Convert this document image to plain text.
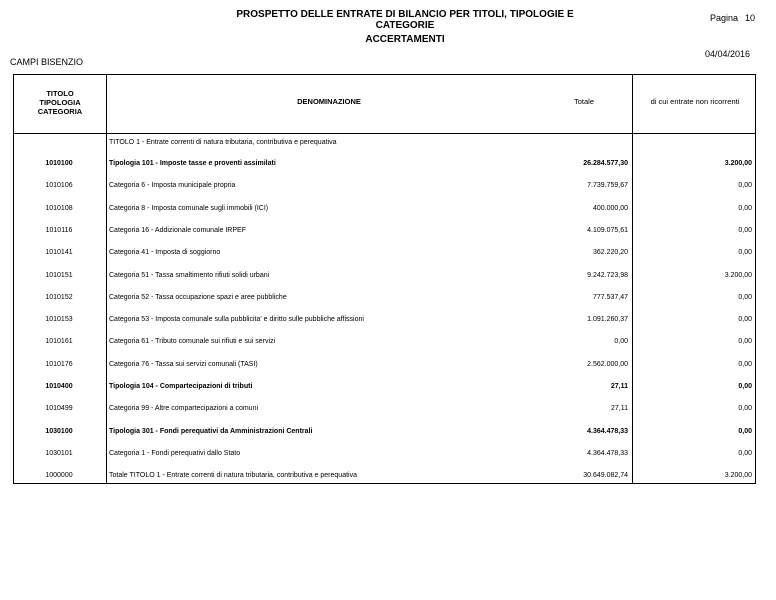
PROSPETTO DELLE ENTRATE DI BILANCIO PER TITOLI, TIPOLOGIE E CATEGORIE
ACCERTAMENTI
Pagina 10
CAMPI BISENZIO
04/04/2016
TITOLO
TIPOLOGIA
CATEGORIA
DENOMINAZIONE	Totale	di cui entrate non ricorrenti
TITOLO 1 - Entrate correnti di natura tributaria, contributiva e perequativa
1010100	Tipologia 101 - Imposte tasse e proventi assimilati	26.284.577,30	3.200,00
1010106	Categoria 6 - Imposta municipale propria	7.739.759,67	0,00
1010108	Categoria 8 - Imposta comunale sugli immobili (ICI)	400.000,00	0,00
1010116	Categoria 16 - Addizionale comunale IRPEF	4.109.075,61	0,00
1010141	Categoria 41 - Imposta di soggiorno	362.220,20	0,00
1010151	Categoria 51 - Tassa smaltimento rifiuti solidi urbani	9.242.723,98	3.200,00
1010152	Categoria 52 - Tassa occupazione spazi e aree pubbliche	777.537,47	0,00
1010153	Categoria 53 - Imposta comunale sulla pubblicita' e diritto sulle pubbliche affissioni	1.091.260,37	0,00
1010161	Categoria 61 - Tributo comunale sui rifiuti e sui servizi	0,00	0,00
1010176	Categoria 76 - Tassa sui servizi comunali (TASI)	2.562.000,00	0,00
1010400	Tipologia 104 - Compartecipazioni di tributi	27,11	0,00
1010499	Categoria 99 - Altre compartecipazioni a comuni	27,11	0,00
1030100	Tipologia 301 - Fondi perequativi da Amministrazioni Centrali	4.364.478,33	0,00
1030101	Categoria 1 - Fondi perequativi dallo Stato	4.364.478,33	0,00
1000000	Totale TITOLO 1 - Entrate correnti di natura tributaria, contributiva e perequativa	30.649.082,74	3.200,00
